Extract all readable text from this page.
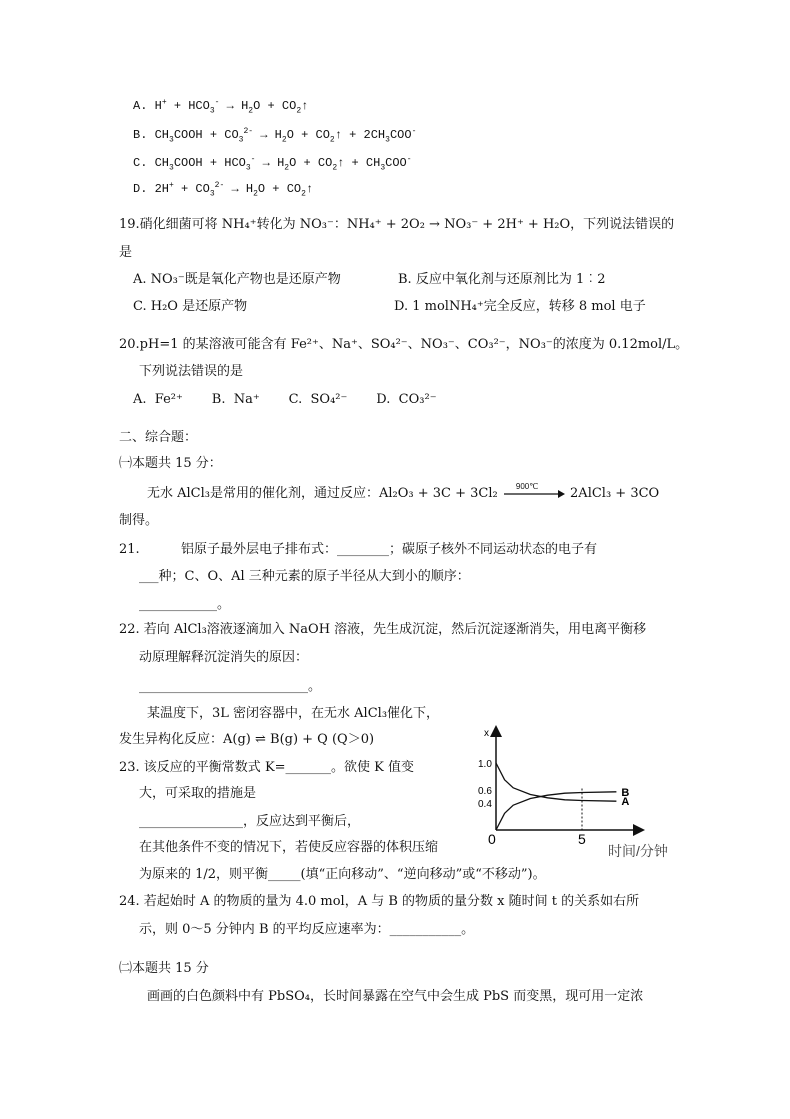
A. $H^+ + HCO_3^- \to H_2O$ + $CO_2↑$
B. $CH_3COOH + CO_3^{2-} \to H_2O$ + $CO_2↑ + 2CH_3COO^-$
C. $CH_3COOH + HCO_3^- \to H_2O$ + $CO_2↑ + CH_3COO^-$
D. $2H^+ + CO_3^{2-} \to H_2O$ + $CO_2↑$
19.硝化细菌可将 NH₄⁺转化为 NO₃⁻：NH₄⁺ + 2O₂ → NO₃⁻ + 2H⁺ + H₂O，下列说法错误的
是
A. NO₃⁻既是氧化产物也是还原产物	B. 反应中氧化剂与还原剂比为 1︰2
C. H₂O 是还原产物	D. 1 molNH₄⁺完全反应，转移 8 mol 电子
20.pH=1 的某溶液可能含有 Fe²⁺、Na⁺、SO₄²⁻、NO₃⁻、CO₃²⁻，NO₃⁻的浓度为 0.12mol/L。
下列说法错误的是
A.  Fe²⁺       B.  Na⁺       C.  SO₄²⁻       D.  CO₃²⁻
二、综合题：
㈠本题共 15 分：
无水 AlCl₃是常用的催化剂，通过反应：Al₂O₃ + 3C + 3Cl₂ 900℃ 2AlCl₃ + 3CO
制得。
21.	铝原子最外层电子排布式：________；碳原子核外不同运动状态的电子有
___种；C、O、Al 三种元素的原子半径从大到小的顺序：
____________。
22. 若向 AlCl₃溶液逐滴加入 NaOH 溶液，先生成沉淀，然后沉淀逐渐消失，用电离平衡移
动原理解释沉淀消失的原因：
__________________________。
某温度下，3L 密闭容器中，在无水 AlCl₃催化下，
发生异构化反应：A(g) ⇌ B(g) + Q (Q＞0)
23. 该反应的平衡常数式 K=_______。欲使 K 值变
大，可采取的措施是
________________，反应达到平衡后，
在其他条件不变的情况下，若使反应容器的体积压缩
为原来的 1/2，则平衡_____(填“正向移动”、“逆向移动”或“不移动”)。
24. 若起始时 A 的物质的量为 4.0 mol，A 与 B 的物质的量分数 x 随时间 t 的关系如右所
示，则 0～5 分钟内 B 的平均反应速率为：___________。
㈡本题共 15 分
画画的白色颜料中有 PbSO₄，长时间暴露在空气中会生成 PbS 而变黑，现可用一定浓
x
1.0
0.6
0.4
0	5
时间/分钟
B
A
